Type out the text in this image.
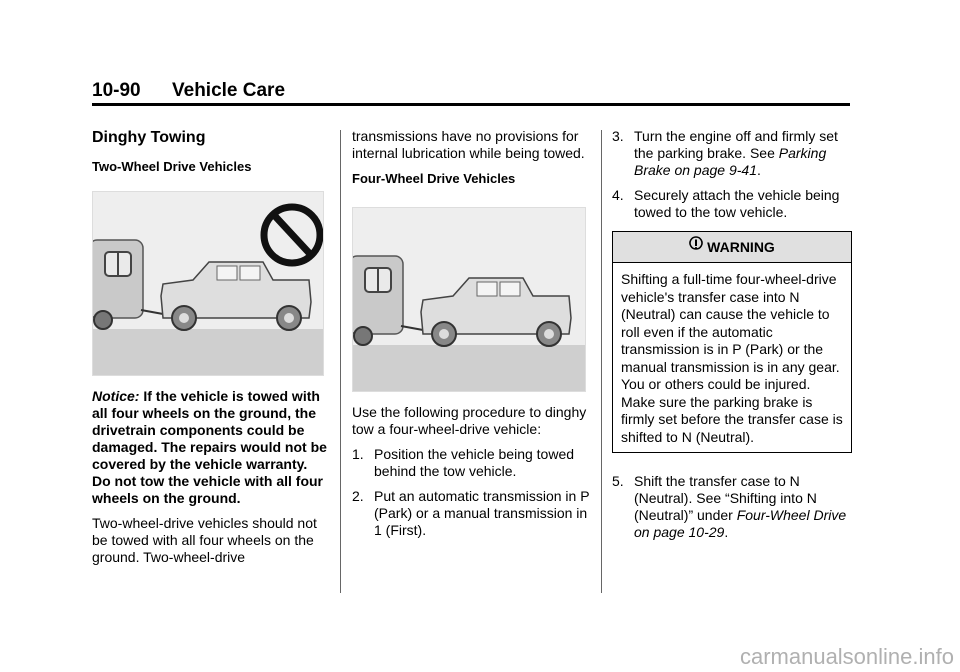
10-90 Vehicle Care
Dinghy Towing
Two-Wheel Drive Vehicles

Notice: If the vehicle is towed with all four wheels on the ground, the drivetrain components could be damaged. The repairs would not be covered by the vehicle warranty. Do not tow the vehicle with all four wheels on the ground.

Two-wheel-drive vehicles should not be towed with all four wheels on the ground. Two-wheel-drive

transmissions have no provisions for internal lubrication while being towed.

Four-Wheel Drive Vehicles

Use the following procedure to dinghy tow a four-wheel-drive vehicle:

1. Position the vehicle being towed behind the tow vehicle.
2. Put an automatic transmission in P (Park) or a manual transmission in 1 (First).
3. Turn the engine off and firmly set the parking brake. See Parking Brake on page 9-41.
4. Securely attach the vehicle being towed to the tow vehicle.
WARNING
Shifting a full-time four-wheel-drive vehicle's transfer case into N (Neutral) can cause the vehicle to roll even if the automatic transmission is in P (Park) or the manual transmission is in any gear. You or others could be injured. Make sure the parking brake is firmly set before the transfer case is shifted to N (Neutral).
5. Shift the transfer case to N (Neutral). See “Shifting into N (Neutral)” under Four-Wheel Drive on page 10-29.
carmanualsonline.info
